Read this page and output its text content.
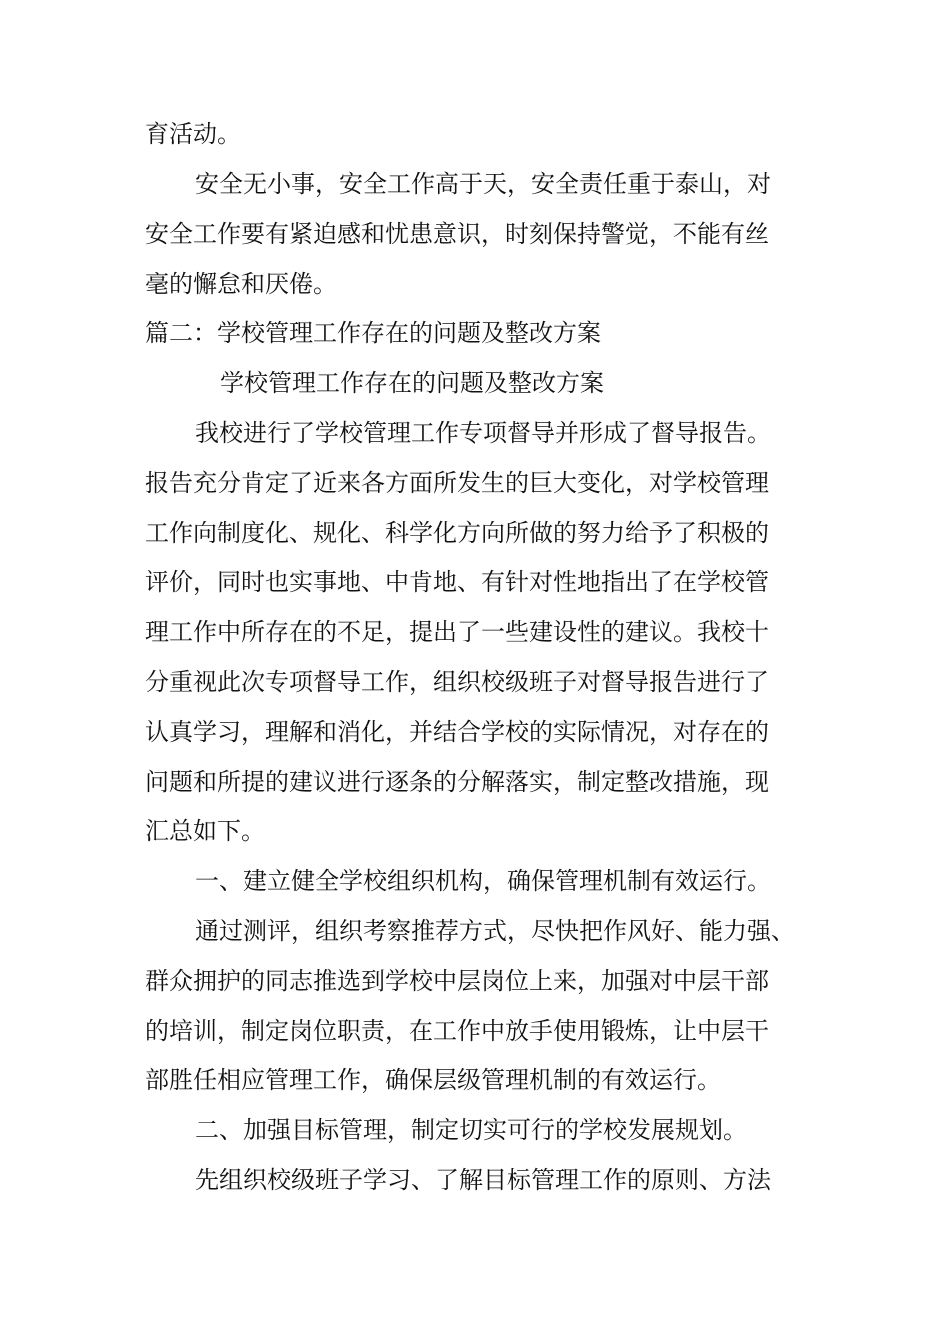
育活动。
安全无小事，安全工作高于天，安全责任重于泰山，对
安全工作要有紧迫感和忧患意识，时刻保持警觉，不能有丝
毫的懈怠和厌倦。
篇二：学校管理工作存在的问题及整改方案
学校管理工作存在的问题及整改方案
我校进行了学校管理工作专项督导并形成了督导报告。
报告充分肯定了近来各方面所发生的巨大变化，对学校管理
工作向制度化、规化、科学化方向所做的努力给予了积极的
评价，同时也实事地、中肯地、有针对性地指出了在学校管
理工作中所存在的不足，提出了一些建设性的建议。我校十
分重视此次专项督导工作，组织校级班子对督导报告进行了
认真学习，理解和消化，并结合学校的实际情况，对存在的
问题和所提的建议进行逐条的分解落实，制定整改措施，现
汇总如下。
一、建立健全学校组织机构，确保管理机制有效运行。
通过测评，组织考察推荐方式，尽快把作风好、能力强、
群众拥护的同志推选到学校中层岗位上来，加强对中层干部
的培训，制定岗位职责，在工作中放手使用锻炼，让中层干
部胜任相应管理工作，确保层级管理机制的有效运行。
二、加强目标管理，制定切实可行的学校发展规划。
先组织校级班子学习、了解目标管理工作的原则、方法
